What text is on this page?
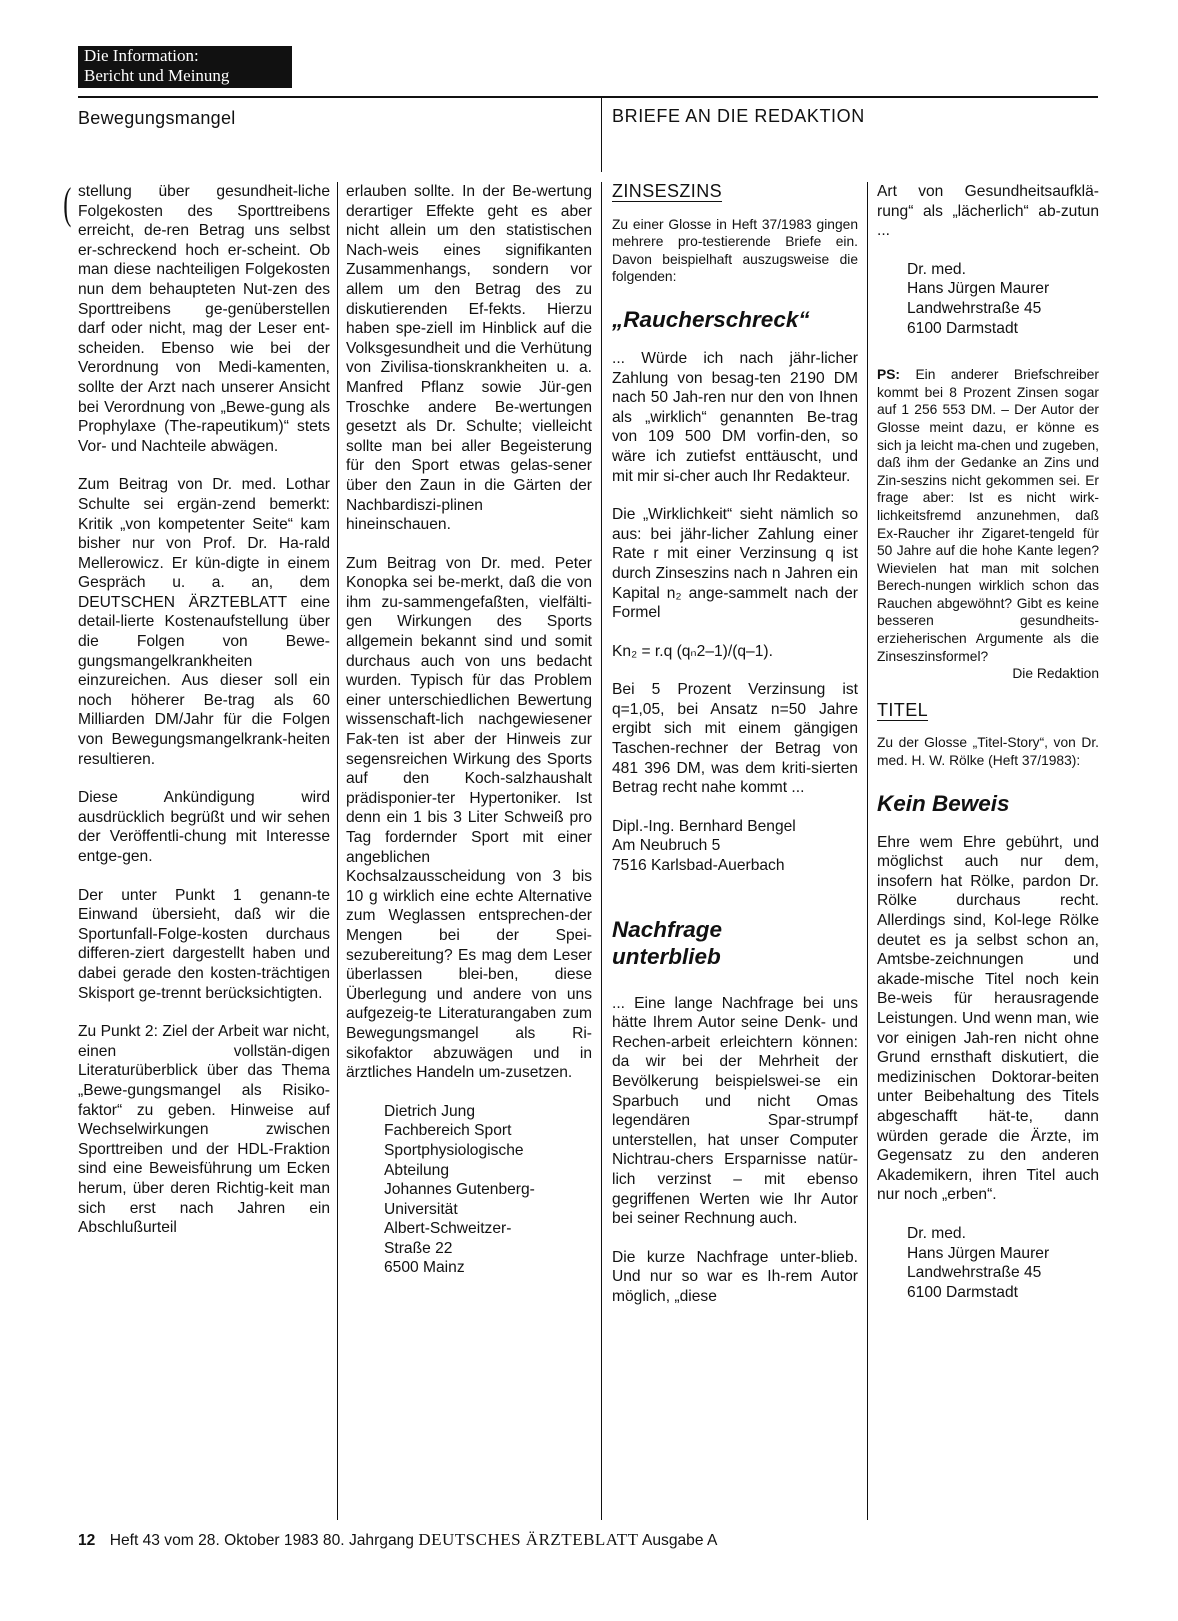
Die Information:
Bericht und Meinung
Bewegungsmangel	BRIEFE AN DIE REDAKTION
( stellung über gesundheit-liche Folgekosten des Sporttreibens erreicht, de-ren Betrag uns selbst er-schreckend hoch er-scheint. Ob man diese nachteiligen Folgekosten nun dem behaupteten Nut-zen des Sporttreibens ge-genüberstellen darf oder nicht, mag der Leser ent-scheiden. Ebenso wie bei der Verordnung von Medi-kamenten, sollte der Arzt nach unserer Ansicht bei Verordnung von „Bewe-gung als Prophylaxe (The-rapeutikum)“ stets Vor- und Nachteile abwägen.

Zum Beitrag von Dr. med. Lothar Schulte sei ergän-zend bemerkt: Kritik „von kompetenter Seite“ kam bisher nur von Prof. Dr. Ha-rald Mellerowicz. Er kün-digte in einem Gespräch u. a. an, dem DEUTSCHEN ÄRZTEBLATT eine detail-lierte Kostenaufstellung über die Folgen von Bewe-gungsmangelkrankheiten einzureichen. Aus dieser soll ein noch höherer Be-trag als 60 Milliarden DM/Jahr für die Folgen von Bewegungsmangelkrank-heiten resultieren.

Diese Ankündigung wird ausdrücklich begrüßt und wir sehen der Veröffentli-chung mit Interesse entge-gen.

Der unter Punkt 1 genann-te Einwand übersieht, daß wir die Sportunfall-Folge-kosten durchaus differen-ziert dargestellt haben und dabei gerade den kosten-trächtigen Skisport ge-trennt berücksichtigten.

Zu Punkt 2: Ziel der Arbeit war nicht, einen vollstän-digen Literaturüberblick über das Thema „Bewe-gungsmangel als Risiko-faktor“ zu geben. Hinweise auf Wechselwirkungen zwischen Sporttreiben und der HDL-Fraktion sind eine Beweisführung um Ecken herum, über deren Richtig-keit man sich erst nach Jahren ein Abschlußurteil

erlauben sollte. In der Be-wertung derartiger Effekte geht es aber nicht allein um den statistischen Nach-weis eines signifikanten Zusammenhangs, sondern vor allem um den Betrag des zu diskutierenden Ef-fekts. Hierzu haben spe-ziell im Hinblick auf die Volksgesundheit und die Verhütung von Zivilisa-tionskrankheiten u. a. Manfred Pflanz sowie Jür-gen Troschke andere Be-wertungen gesetzt als Dr. Schulte; vielleicht sollte man bei aller Begeisterung für den Sport etwas gelas-sener über den Zaun in die Gärten der Nachbardiszi-plinen hineinschauen.

Zum Beitrag von Dr. med. Peter Konopka sei be-merkt, daß die von ihm zu-sammengefaßten, vielfälti-gen Wirkungen des Sports allgemein bekannt sind und somit durchaus auch von uns bedacht wurden. Typisch für das Problem einer unterschiedlichen Bewertung wissenschaft-lich nachgewiesener Fak-ten ist aber der Hinweis zur segensreichen Wirkung des Sports auf den Koch-salzhaushalt prädisponier-ter Hypertoniker. Ist denn ein 1 bis 3 Liter Schweiß pro Tag fordernder Sport mit einer angeblichen Kochsalzausscheidung von 3 bis 10 g wirklich eine echte Alternative zum Weglassen entsprechen-der Mengen bei der Spei-sezubereitung? Es mag dem Leser überlassen blei-ben, diese Überlegung und andere von uns aufgezeig-te Literaturangaben zum Bewegungsmangel als Ri-sikofaktor abzuwägen und in ärztliches Handeln um-zusetzen.

Dietrich Jung
Fachbereich Sport
Sportphysiologische
Abteilung
Johannes Gutenberg-
Universität
Albert-Schweitzer-
Straße 22
6500 Mainz
ZINSESZINS
Zu einer Glosse in Heft 37/1983 gingen mehrere pro-testierende Briefe ein. Davon beispielhaft auszugsweise die folgenden:
„Raucherschreck“

... Würde ich nach jähr-licher Zahlung von besag-ten 2190 DM nach 50 Jah-ren nur den von Ihnen als „wirklich“ genannten Be-trag von 109 500 DM vorfin-den, so wäre ich zutiefst enttäuscht, und mit mir si-cher auch Ihr Redakteur.

Die „Wirklichkeit“ sieht nämlich so aus: bei jähr-licher Zahlung einer Rate r mit einer Verzinsung q ist durch Zinseszins nach n Jahren ein Kapital n₂ ange-sammelt nach der Formel

Kn₂ = r.q (qₙ2–1)/(q–1).

Bei 5 Prozent Verzinsung ist q=1,05, bei Ansatz n=50 Jahre ergibt sich mit einem gängigen Taschen-rechner der Betrag von 481 396 DM, was dem kriti-sierten Betrag recht nahe kommt ...

Dipl.-Ing. Bernhard Bengel
Am Neubruch 5
7516 Karlsbad-Auerbach
Nachfrage
unterblieb

... Eine lange Nachfrage bei uns hätte Ihrem Autor seine Denk- und Rechen-arbeit erleichtern können: da wir bei der Mehrheit der Bevölkerung beispielswei-se ein Sparbuch und nicht Omas legendären Spar-strumpf unterstellen, hat unser Computer Nichtrau-chers Ersparnisse natür-lich verzinst – mit ebenso gegriffenen Werten wie Ihr Autor bei seiner Rechnung auch.

Die kurze Nachfrage unter-blieb. Und nur so war es Ih-rem Autor möglich, „diese

Art von Gesundheitsaufklä-rung“ als „lächerlich“ ab-zutun ...

Dr. med.
Hans Jürgen Maurer
Landwehrstraße 45
6100 Darmstadt
PS: Ein anderer Briefschreiber kommt bei 8 Prozent Zinsen sogar auf 1 256 553 DM. – Der Autor der Glosse meint dazu, er könne es sich ja leicht ma-chen und zugeben, daß ihm der Gedanke an Zins und Zin-seszins nicht gekommen sei. Er frage aber: Ist es nicht wirk-lichkeitsfremd anzunehmen, daß Ex-Raucher ihr Zigaret-tengeld für 50 Jahre auf die hohe Kante legen? Wievielen hat man mit solchen Berech-nungen wirklich schon das Rauchen abgewöhnt? Gibt es keine besseren gesundheits-erzieherischen Argumente als die Zinseszinsformel?
Die Redaktion
TITEL
Zu der Glosse „Titel-Story“, von Dr. med. H. W. Rölke (Heft 37/1983):
Kein Beweis

Ehre wem Ehre gebührt, und möglichst auch nur dem, insofern hat Rölke, pardon Dr. Rölke durchaus recht. Allerdings sind, Kol-lege Rölke deutet es ja selbst schon an, Amtsbe-zeichnungen und akade-mische Titel noch kein Be-weis für herausragende Leistungen. Und wenn man, wie vor einigen Jah-ren nicht ohne Grund ernsthaft diskutiert, die medizinischen Doktorar-beiten unter Beibehaltung des Titels abgeschafft hät-te, dann würden gerade die Ärzte, im Gegensatz zu den anderen Akademikern, ihren Titel auch nur noch „erben“.

Dr. med.
Hans Jürgen Maurer
Landwehrstraße 45
6100 Darmstadt
12 Heft 43 vom 28. Oktober 1983 80. Jahrgang DEUTSCHES ÄRZTEBLATT Ausgabe A
